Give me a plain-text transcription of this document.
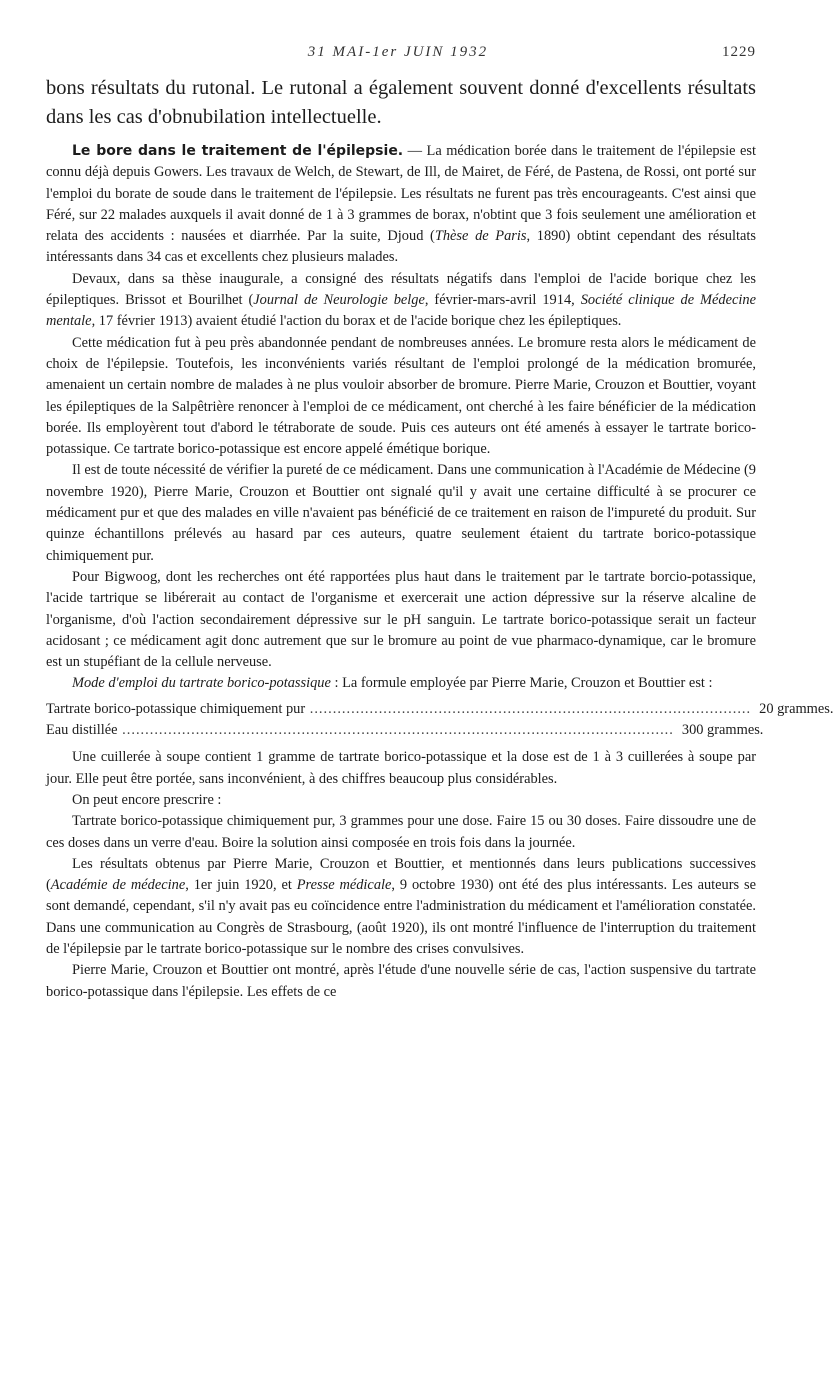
31 MAI-1er JUIN 1932	1229
bons résultats du rutonal. Le rutonal a également souvent donné d'excellents résultats dans les cas d'obnubilation intellectuelle.

Le bore dans le traitement de l'épilepsie. — La médication borée dans le traitement de l'épilepsie est connu déjà depuis Gowers. Les travaux de Welch, de Stewart, de Ill, de Mairet, de Féré, de Pastena, de Rossi, ont porté sur l'emploi du borate de soude dans le traitement de l'épilepsie. Les résultats ne furent pas très encourageants. C'est ainsi que Féré, sur 22 malades auxquels il avait donné de 1 à 3 grammes de borax, n'obtint que 3 fois seulement une amélioration et relata des accidents : nausées et diarrhée. Par la suite, Djoud (Thèse de Paris, 1890) obtint cependant des résultats intéressants dans 34 cas et excellents chez plusieurs malades.

Devaux, dans sa thèse inaugurale, a consigné des résultats négatifs dans l'emploi de l'acide borique chez les épileptiques. Brissot et Bourilhet (Journal de Neurologie belge, février-mars-avril 1914, Société clinique de Médecine mentale, 17 février 1913) avaient étudié l'action du borax et de l'acide borique chez les épileptiques.

Cette médication fut à peu près abandonnée pendant de nombreuses années. Le bromure resta alors le médicament de choix de l'épilepsie. Toutefois, les inconvénients variés résultant de l'emploi prolongé de la médication bromurée, amenaient un certain nombre de malades à ne plus vouloir absorber de bromure. Pierre Marie, Crouzon et Bouttier, voyant les épileptiques de la Salpêtrière renoncer à l'emploi de ce médicament, ont cherché à les faire bénéficier de la médication borée. Ils employèrent tout d'abord le tétraborate de soude. Puis ces auteurs ont été amenés à essayer le tartrate borico-potassique. Ce tartrate borico-potassique est encore appelé émétique borique.

Il est de toute nécessité de vérifier la pureté de ce médicament. Dans une communication à l'Académie de Médecine (9 novembre 1920), Pierre Marie, Crouzon et Bouttier ont signalé qu'il y avait une certaine difficulté à se procurer ce médicament pur et que des malades en ville n'avaient pas bénéficié de ce traitement en raison de l'impureté du produit. Sur quinze échantillons prélevés au hasard par ces auteurs, quatre seulement étaient du tartrate borico-potassique chimiquement pur.

Pour Bigwoog, dont les recherches ont été rapportées plus haut dans le traitement par le tartrate borcio-potassique, l'acide tartrique se libérerait au contact de l'organisme et exercerait une action dépressive sur la réserve alcaline de l'organisme, d'où l'action secondairement dépressive sur le pH sanguin. Le tartrate borico-potassique serait un facteur acidosant ; ce médicament agit donc autrement que sur le bromure au point de vue pharmaco-dynamique, car le bromure est un stupéfiant de la cellule nerveuse.

Mode d'emploi du tartrate borico-potassique : La formule employée par Pierre Marie, Crouzon et Bouttier est :

Tartrate borico-potassique chimiquement pur ................................................................................................ 20 grammes.
Eau distillée ........................................................................................................................ 300 grammes.

Une cuillerée à soupe contient 1 gramme de tartrate borico-potassique et la dose est de 1 à 3 cuillerées à soupe par jour. Elle peut être portée, sans inconvénient, à des chiffres beaucoup plus considérables.

On peut encore prescrire :

Tartrate borico-potassique chimiquement pur, 3 grammes pour une dose. Faire 15 ou 30 doses. Faire dissoudre une de ces doses dans un verre d'eau. Boire la solution ainsi composée en trois fois dans la journée.

Les résultats obtenus par Pierre Marie, Crouzon et Bouttier, et mentionnés dans leurs publications successives (Académie de médecine, 1er juin 1920, et Presse médicale, 9 octobre 1930) ont été des plus intéressants. Les auteurs se sont demandé, cependant, s'il n'y avait pas eu coïncidence entre l'administration du médicament et l'amélioration constatée. Dans une communication au Congrès de Strasbourg, (août 1920), ils ont montré l'influence de l'interruption du traitement de l'épilepsie par le tartrate borico-potassique sur le nombre des crises convulsives.

Pierre Marie, Crouzon et Bouttier ont montré, après l'étude d'une nouvelle série de cas, l'action suspensive du tartrate borico-potassique dans l'épilepsie. Les effets de ce
